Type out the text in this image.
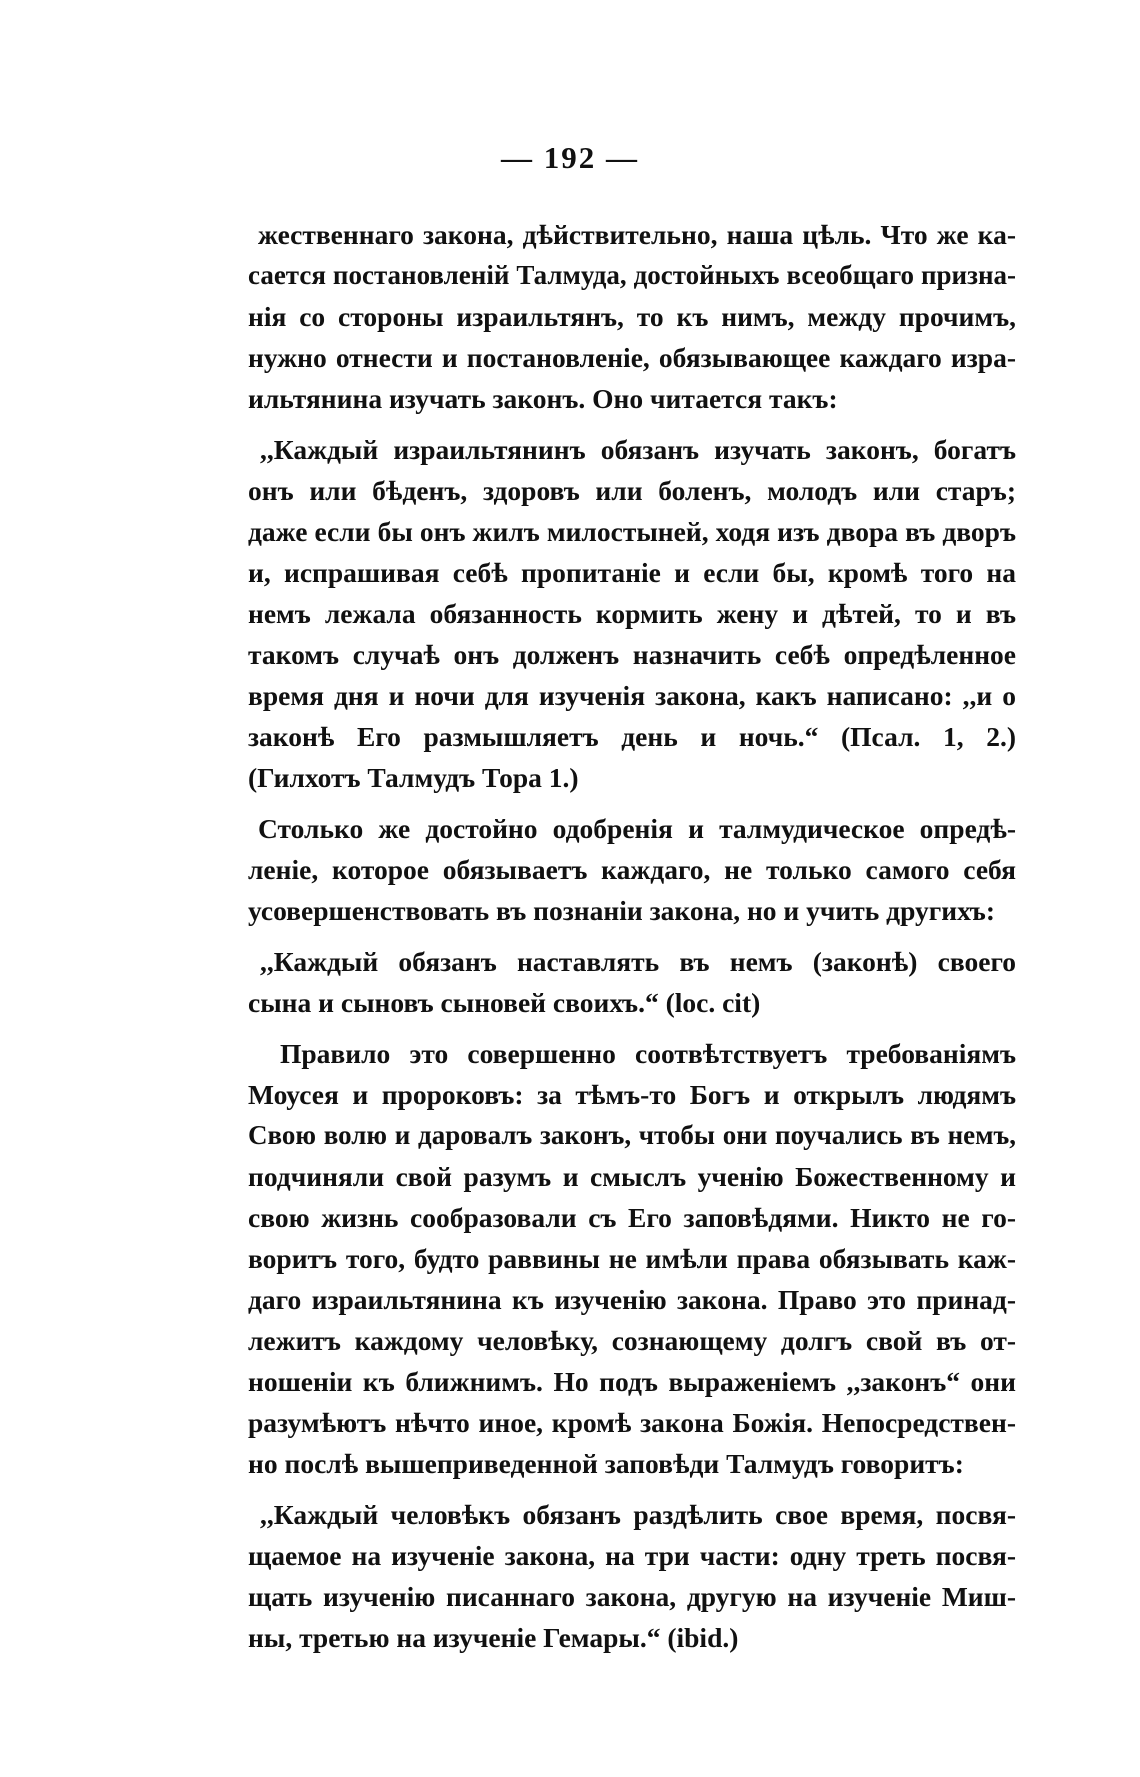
— 192 —
жественнаго закона, дѣйствительно, наша цѣль. Что же ка-
сается постановленій Талмуда, достойныхъ всеобщаго призна-
нія со стороны израильтянъ, то къ нимъ, между прочимъ,
нужно отнести и постановленіе, обязывающее каждаго изра-
ильтянина изучать законъ. Оно читается такъ:
,,Каждый израильтянинъ обязанъ изучать законъ, богатъ
онъ или бѣденъ, здоровъ или боленъ, молодъ или старъ;
даже если бы онъ жилъ милостыней, ходя изъ двора въ дворъ
и, испрашивая себѣ пропитаніе и если бы, кромѣ того на
немъ лежала обязанность кормить жену и дѣтей, то и въ
такомъ случаѣ онъ долженъ назначить себѣ опредѣленное
время дня и ночи для изученія закона, какъ написано: ,,и о
законѣ Его размышляетъ день и ночь.“ (Псал. 1, 2.)
(Гилхотъ Талмудъ Тора 1.)
Столько же достойно одобренія и талмудическое опредѣ-
леніе, которое обязываетъ каждаго, не только самого себя
усовершенствовать въ познаніи закона, но и учить другихъ:
,,Каждый обязанъ наставлять въ немъ (законѣ) своего
сына и сыновъ сыновей своихъ.“ (loc. cit)
Правило это совершенно соотвѣтствуетъ требованіямъ
Моусея и пророковъ: за тѣмъ-то Богъ и открылъ людямъ
Свою волю и даровалъ законъ, чтобы они поучались въ немъ,
подчиняли свой разумъ и смыслъ ученію Божественному и
свою жизнь сообразовали съ Его заповѣдями. Никто не го-
воритъ того, будто раввины не имѣли права обязывать каж-
даго израильтянина къ изученію закона. Право это принад-
лежитъ каждому человѣку, сознающему долгъ свой въ от-
ношеніи къ ближнимъ. Но подъ выраженіемъ ,,законъ“ они
разумѣютъ нѣчто иное, кромѣ закона Божія. Непосредствен-
но послѣ вышеприведенной заповѣди Талмудъ говоритъ:
,,Каждый человѣкъ обязанъ раздѣлить свое время, посвя-
щаемое на изученіе закона, на три части: одну треть посвя-
щать изученію писаннаго закона, другую на изученіе Миш-
ны, третью на изученіе Гемары.“ (ibid.)
